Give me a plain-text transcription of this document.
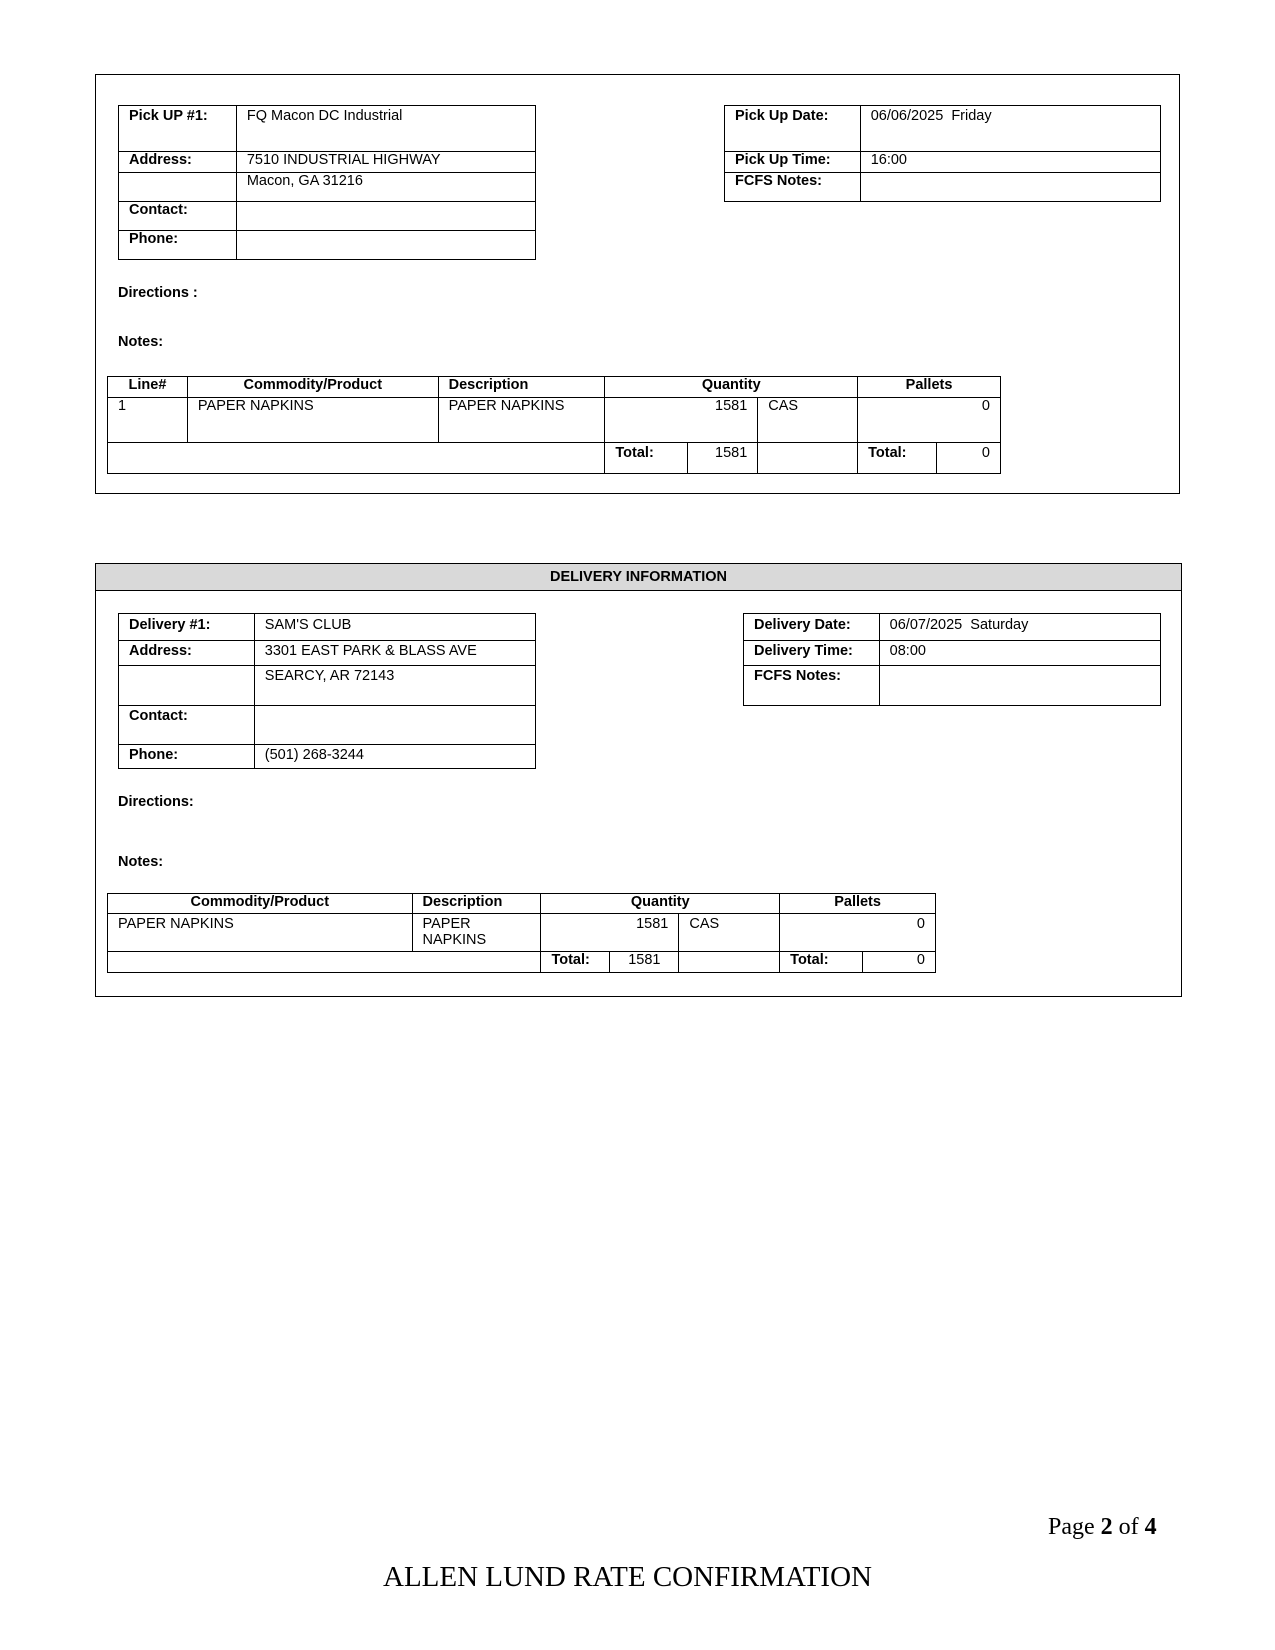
Pick UP #1:	FQ Macon DC Industrial
Address:	7510 INDUSTRIAL HIGHWAY
	Macon, GA 31216
Contact:	
Phone:	
Pick Up Date:	06/06/2025  Friday
Pick Up Time:	16:00
FCFS Notes:	
Directions :
Notes:
Line#	Commodity/Product	Description	Quantity			Pallets	
1	PAPER NAPKINS	PAPER NAPKINS	1581		CAS	0	
			Total:	1581		Total:	0
DELIVERY INFORMATION
Delivery #1:	SAM'S CLUB
Address:	3301 EAST PARK & BLASS AVE
	SEARCY, AR 72143
Contact:	
Phone:	(501) 268-3244
Delivery Date:	06/07/2025  Saturday
Delivery Time:	08:00
FCFS Notes:	
Directions:
Notes:
Commodity/Product	Description	Quantity			Pallets	
PAPER NAPKINS	PAPER NAPKINS	1581		CAS	0	
		Total:	1581		Total:	0
Page 2 of 4
ALLEN LUND RATE CONFIRMATION
